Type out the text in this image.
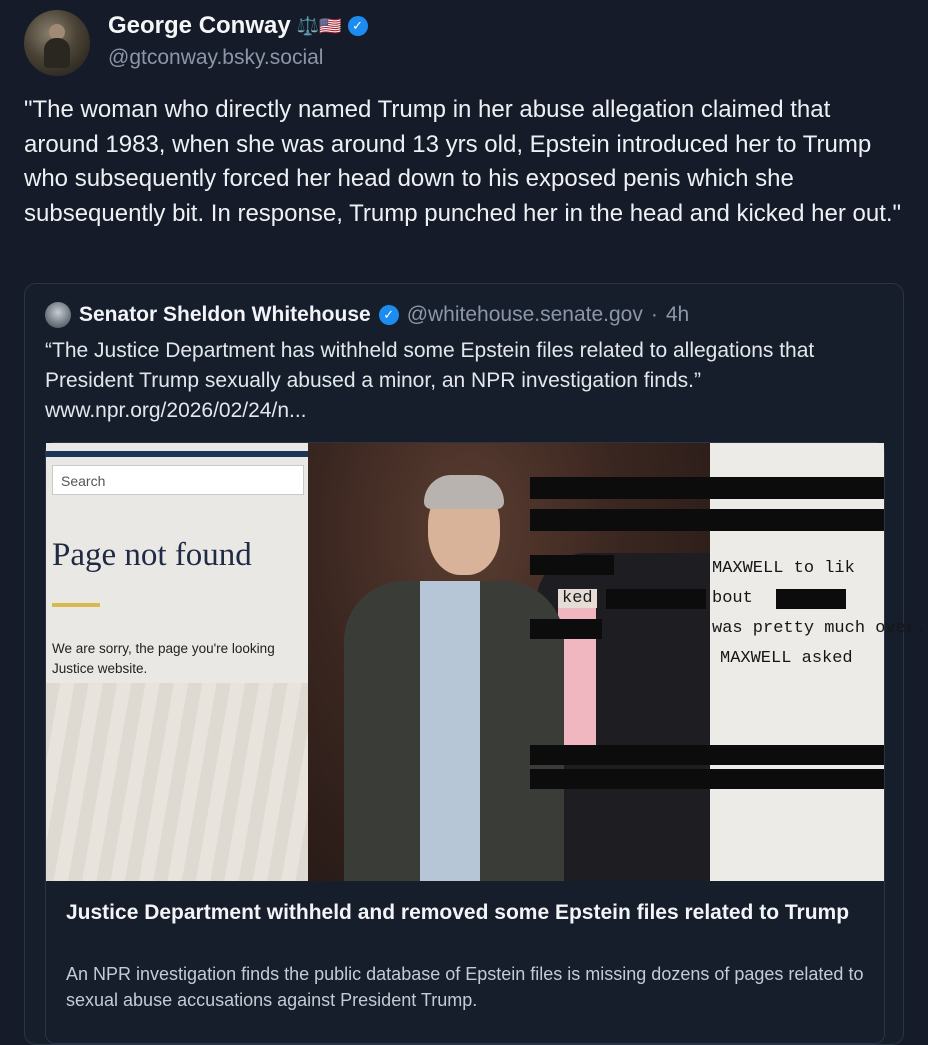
George Conway ⚖️🇺🇸 ✓
@gtconway.bsky.social

"The woman who directly named Trump in her abuse allegation claimed that around 1983, when she was around 13 yrs old, Epstein introduced her to Trump who subsequently forced her head down to his exposed penis which she subsequently bit. In response, Trump punched her in the head and kicked her out."

Senator Sheldon Whitehouse ✓ @whitehouse.senate.gov · 4h

“The Justice Department has withheld some Epstein files related to allegations that President Trump sexually abused a minor, an NPR investigation finds.” www.npr.org/2026/02/24/n...

Search
Page not found
We are sorry, the page you're looking
Justice website.
MAXWELL to lik
ked	bout
was pretty much over.
MAXWELL asked

Justice Department withheld and removed some Epstein files related to Trump

An NPR investigation finds the public database of Epstein files is missing dozens of pages related to sexual abuse accusations against President Trump.
